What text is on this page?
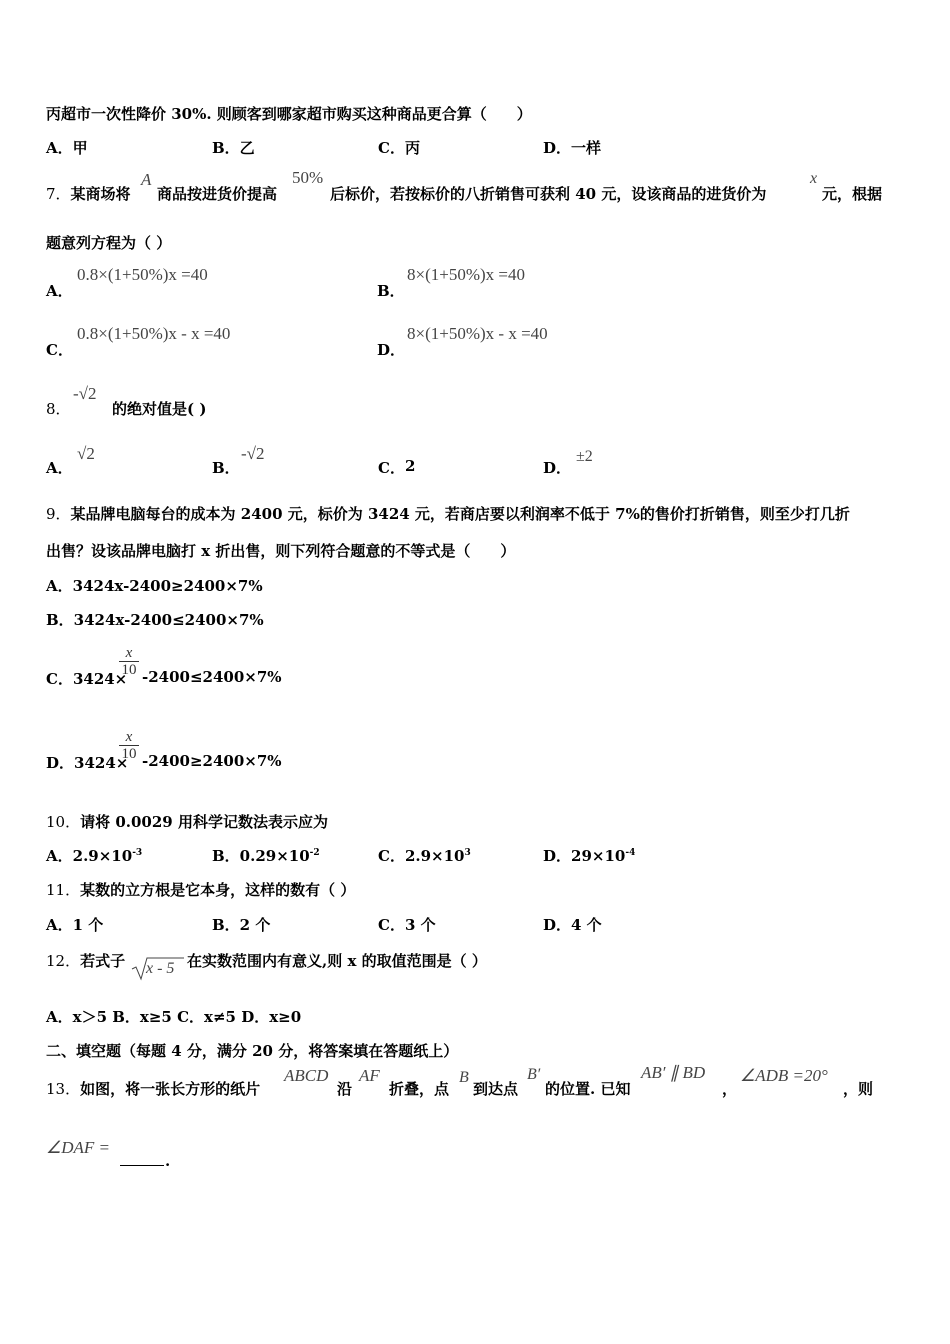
丙超市一次性降价 30%. 则顾客到哪家超市购买这种商品更合算（　　）
A．甲	B．乙	C．丙	D．一样
7．某商场将
A
商品按进货价提高
50%
后标价，若按标价的八折销售可获利 40 元，设该商品的进货价为
x
元，根据
题意列方程为（ ）
A．
0.8×(1+50%)x =40
B．
8×(1+50%)x =40
C．
0.8×(1+50%)x - x =40
D．
8×(1+50%)x - x =40
8．
-√2
的绝对值是( )
A．
√2
B．
-√2
C． 2	D．
±2
9．某品牌电脑每台的成本为 2400 元，标价为 3424 元，若商店要以利润率不低于 7%的售价打折销售，则至少打几折
出售？设该品牌电脑打 x 折出售，则下列符合题意的不等式是（　　）
A．3424x-2400≥2400×7%
B．3424x-2400≤2400×7%
C．3424×
x
10 -2400≤2400×7%
D．3424×
x
10 -2400≥2400×7%
10．请将 0.0029 用科学记数法表示应为
A．$2.9\times 10^{-3}$	B．$0.29\times 10^{-2}$	C．$2.9\times 10^3$	D．$29\times 10^{-4}$
11．某数的立方根是它本身，这样的数有（ ）
A．1 个	B．2 个	C．3 个	D．4 个
12．若式子 x - 5 在实数范围内有意义,则 x 的取值范围是（ ）
A．x＞5 B．x≥5 C．x≠5 D．x≥0
二、填空题（每题 4 分，满分 20 分，将答案填在答题纸上）
13．如图，将一张长方形的纸片
ABCD
沿
AF
折叠，点
B
到达点
B′
的位置. 已知
AB′ ∥ BD
，
∠ADB =20°
，则
∠DAF =
.
